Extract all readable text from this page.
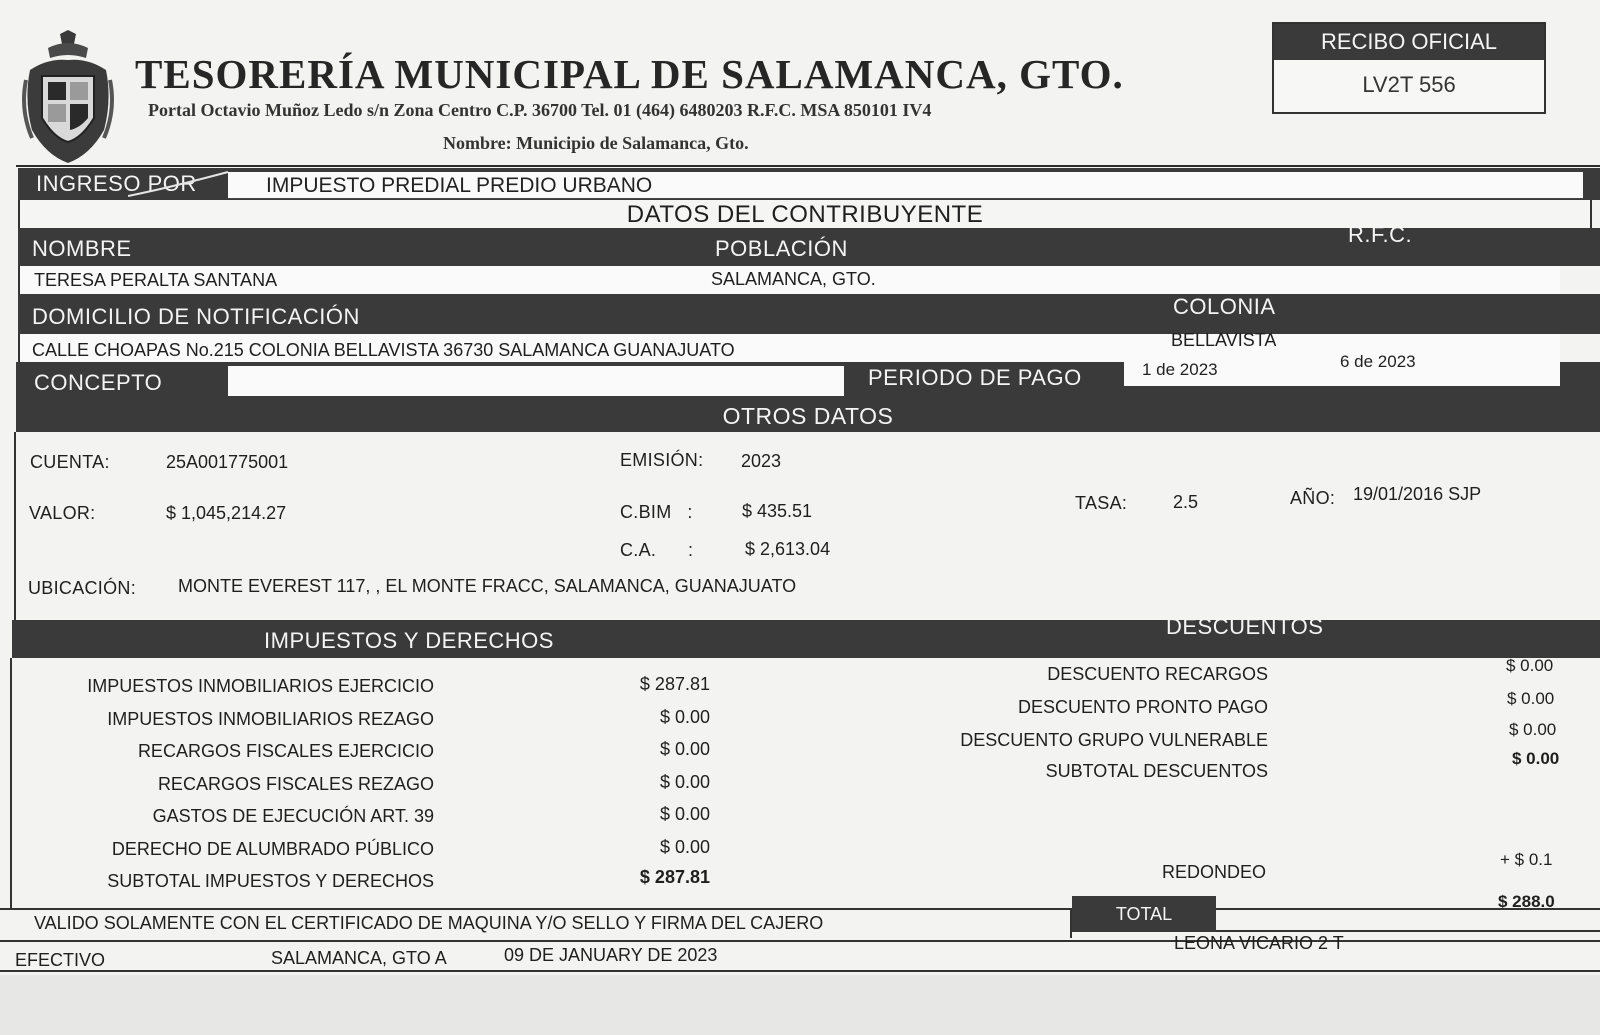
TESORERÍA MUNICIPAL DE SALAMANCA, GTO.
Portal Octavio Muñoz Ledo s/n Zona Centro C.P. 36700 Tel. 01 (464) 6480203 R.F.C. MSA 850101 IV4
Nombre: Municipio de Salamanca, Gto.
RECIBO OFICIAL
LV2T 556
INGRESO POR	IMPUESTO PREDIAL PREDIO URBANO
DATOS DEL CONTRIBUYENTE
NOMBRE	POBLACIÓN
R.F.C.
TERESA PERALTA SANTANA	SALAMANCA, GTO.
DOMICILIO DE NOTIFICACIÓN	COLONIA
CALLE CHOAPAS No.215 COLONIA BELLAVISTA 36730 SALAMANCA GUANAJUATO	BELLAVISTA
CONCEPTO	PERIODO DE PAGO	1 de 2023	6 de 2023
OTROS DATOS
CUENTA:	25A001775001	EMISIÓN: 2023
VALOR:	$ 1,045,214.27	C.BIM   :	$ 435.51	TASA:	2.5	AÑO: 19/01/2016 SJP
C.A.      :	$ 2,613.04
UBICACIÓN: MONTE EVEREST 117, , EL MONTE FRACC, SALAMANCA, GUANAJUATO
IMPUESTOS Y DERECHOS
DESCUENTOS
IMPUESTOS INMOBILIARIOS EJERCICIO	$ 287.81
IMPUESTOS INMOBILIARIOS REZAGO	$ 0.00
RECARGOS FISCALES EJERCICIO	$ 0.00
RECARGOS FISCALES REZAGO	$ 0.00
GASTOS DE EJECUCIÓN ART. 39	$ 0.00
DERECHO DE ALUMBRADO PÚBLICO	$ 0.00
SUBTOTAL IMPUESTOS Y DERECHOS	$ 287.81
DESCUENTO RECARGOS	$ 0.00
DESCUENTO PRONTO PAGO	$ 0.00
DESCUENTO GRUPO VULNERABLE
$ 0.00
SUBTOTAL DESCUENTOS
$ 0.00
REDONDEO
+ $ 0.1
VALIDO SOLAMENTE CON EL CERTIFICADO DE MAQUINA Y/O SELLO Y FIRMA DEL CAJERO	TOTAL
$ 288.0
EFECTIVO	SALAMANCA, GTO A	09 DE JANUARY DE 2023
LEONA VICARIO 2 T
